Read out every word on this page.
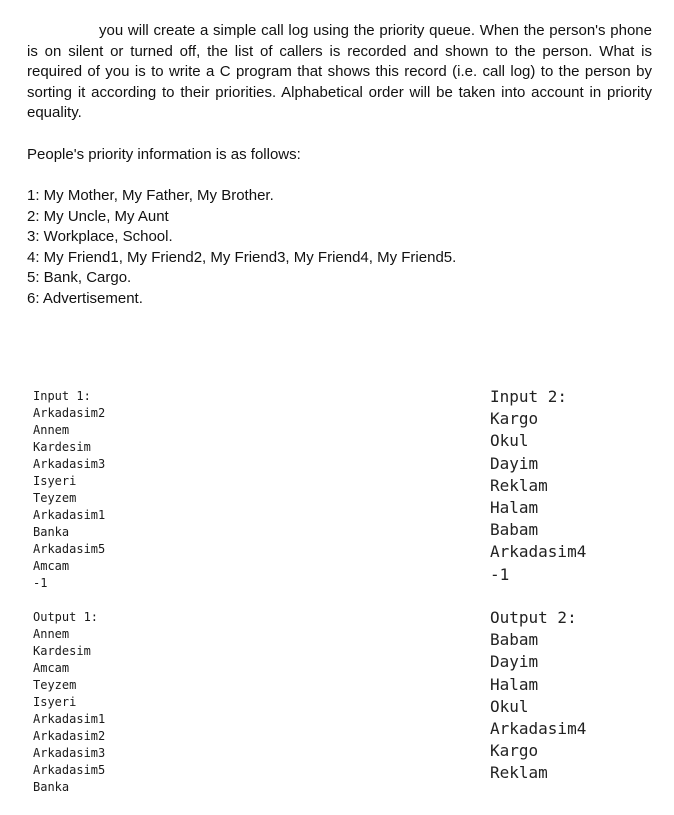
you will create a simple call log using the priority queue. When the person's phone is on silent or turned off, the list of callers is recorded and shown to the person. What is required of you is to write a C program that shows this record (i.e. call log) to the person by sorting it according to their priorities. Alphabetical order will be taken into account in priority equality.

People's priority information is as follows:

1: My Mother, My Father, My Brother.
2: My Uncle, My Aunt
3: Workplace, School.
4: My Friend1, My Friend2, My Friend3, My Friend4, My Friend5.
5: Bank, Cargo.
6: Advertisement.
Input 1:
Arkadasim2
Annem
Kardesim
Arkadasim3
Isyeri
Teyzem
Arkadasim1
Banka
Arkadasim5
Amcam
-1
Input 2:
Kargo
Okul
Dayim
Reklam
Halam
Babam
Arkadasim4
-1
Output 1:
Annem
Kardesim
Amcam
Teyzem
Isyeri
Arkadasim1
Arkadasim2
Arkadasim3
Arkadasim5
Banka
Output 2:
Babam
Dayim
Halam
Okul
Arkadasim4
Kargo
Reklam
